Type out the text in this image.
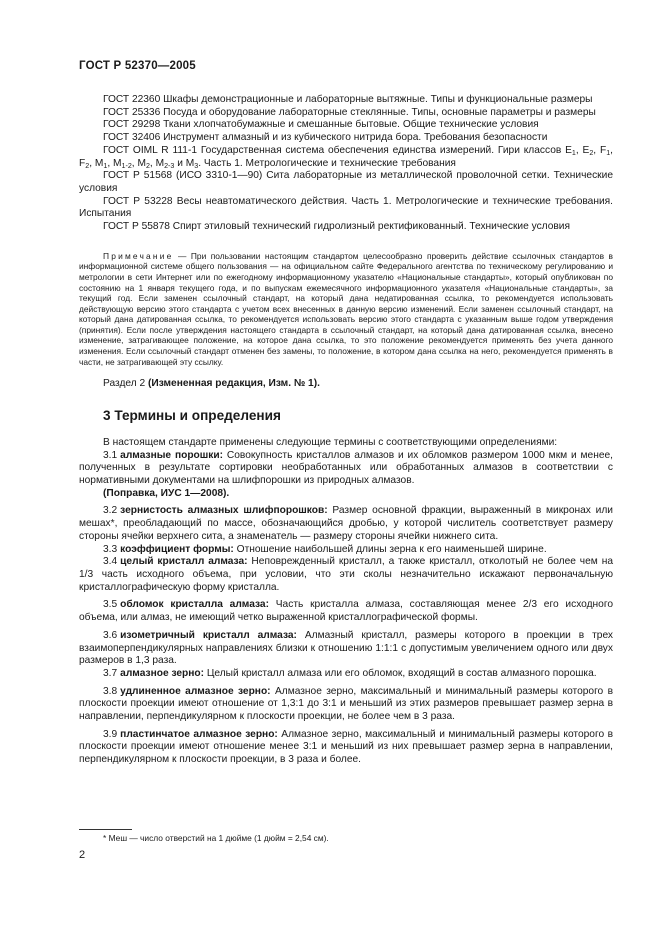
ГОСТ Р 52370—2005

ГОСТ 22360 Шкафы демонстрационные и лабораторные вытяжные. Типы и функциональные размеры

ГОСТ 25336 Посуда и оборудование лабораторные стеклянные. Типы, основные параметры и размеры

ГОСТ 29298 Ткани хлопчатобумажные и смешанные бытовые. Общие технические условия

ГОСТ 32406 Инструмент алмазный и из кубического нитрида бора. Требования безопасности

ГОСТ OIML R 111-1 Государственная система обеспечения единства измерений. Гири классов $E_1$, $E_2$, $F_1$, $F_2$, $M_1$, $M_{1-2}$, $M_2$, $M_{2-3}$ и $M_3$. Часть 1. Метрологические и технические требования

ГОСТ Р 51568 (ИСО 3310-1—90) Сита лабораторные из металлической проволочной сетки. Технические условия

ГОСТ Р 53228 Весы неавтоматического действия. Часть 1. Метрологические и технические требования. Испытания

ГОСТ Р 55878 Спирт этиловый технический гидролизный ректификованный. Технические условия

Примечание — При пользовании настоящим стандартом целесообразно проверить действие ссылочных стандартов в информационной системе общего пользования — на официальном сайте Федерального агентства по техническому регулированию и метрологии в сети Интернет или по ежегодному информационному указателю «Национальные стандарты», который опубликован по состоянию на 1 января текущего года, и по выпускам ежемесячного информационного указателя «Национальные стандарты», за текущий год. Если заменен ссылочный стандарт, на который дана недатированная ссылка, то рекомендуется использовать действующую версию этого стандарта с учетом всех внесенных в данную версию изменений. Если заменен ссылочный стандарт, на который дана датированная ссылка, то рекомендуется использовать версию этого стандарта с указанным выше годом утверждения (принятия). Если после утверждения настоящего стандарта в ссылочный стандарт, на который дана датированная ссылка, внесено изменение, затрагивающее положение, на которое дана ссылка, то это положение рекомендуется применять без учета данного изменения. Если ссылочный стандарт отменен без замены, то положение, в котором дана ссылка на него, рекомендуется применять в части, не затрагивающей эту ссылку.

Раздел 2 (Измененная редакция, Изм. № 1).

3 Термины и определения

В настоящем стандарте применены следующие термины с соответствующими определениями:

3.1 алмазные порошки: Совокупность кристаллов алмазов и их обломков размером 1000 мкм и менее, полученных в результате сортировки необработанных или обработанных алмазов в соответствии с нормативными документами на шлифпорошки из природных алмазов.

(Поправка, ИУС 1—2008).

3.2 зернистость алмазных шлифпорошков: Размер основной фракции, выраженный в микронах или мешах*, преобладающий по массе, обозначающийся дробью, у которой числитель соответствует размеру стороны ячейки верхнего сита, а знаменатель — размеру стороны ячейки нижнего сита.

3.3 коэффициент формы: Отношение наибольшей длины зерна к его наименьшей ширине.

3.4 целый кристалл алмаза: Неповрежденный кристалл, а также кристалл, отколотый не более чем на 1/3 часть исходного объема, при условии, что эти сколы незначительно искажают первоначальную кристаллографическую форму кристалла.

3.5 обломок кристалла алмаза: Часть кристалла алмаза, составляющая менее 2/3 его исходного объема, или алмаз, не имеющий четко выраженной кристаллографической формы.

3.6 изометричный кристалл алмаза: Алмазный кристалл, размеры которого в проекции в трех взаимоперпендикулярных направлениях близки к отношению 1:1:1 с допустимым увеличением одного или двух размеров в 1,3 раза.

3.7 алмазное зерно: Целый кристалл алмаза или его обломок, входящий в состав алмазного порошка.

3.8 удлиненное алмазное зерно: Алмазное зерно, максимальный и минимальный размеры которого в плоскости проекции имеют отношение от 1,3:1 до 3:1 и меньший из этих размеров превышает размер зерна в направлении, перпендикулярном к плоскости проекции, не более чем в 3 раза.

3.9 пластинчатое алмазное зерно: Алмазное зерно, максимальный и минимальный размеры которого в плоскости проекции имеют отношение менее 3:1 и меньший из них превышает размер зерна в направлении, перпендикулярном к плоскости проекции, в 3 раза и более.

* Меш — число отверстий на 1 дюйме (1 дюйм = 2,54 см).
2
